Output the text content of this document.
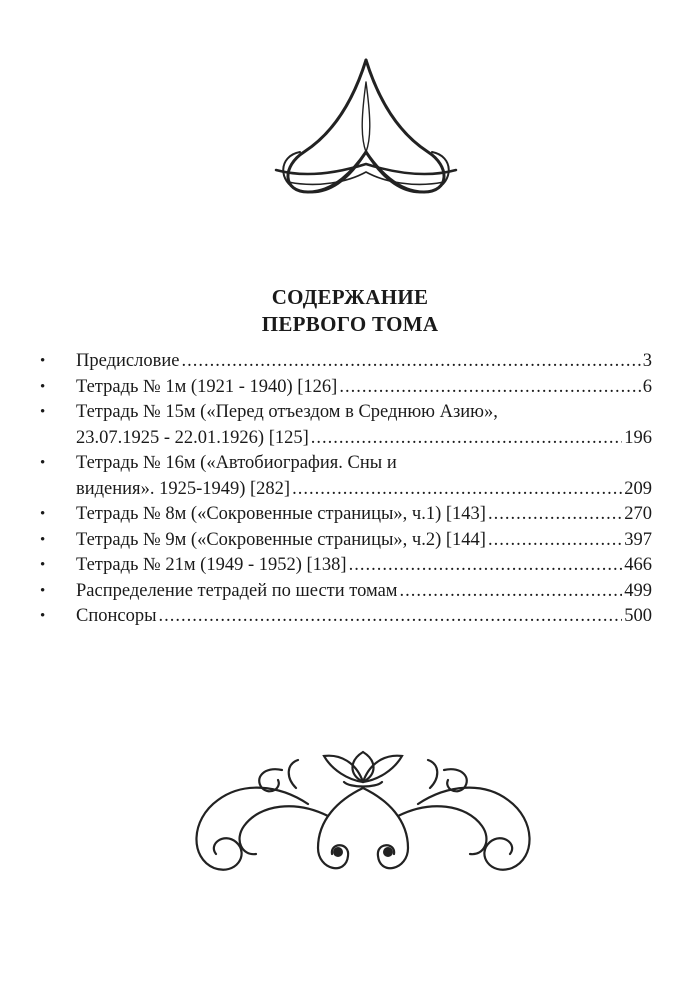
СОДЕРЖАНИЕ
ПЕРВОГО ТОМА
• Предисловие .....	3
• Тетрадь № 1м (1921 - 1940) [126] .....	6
• Тетрадь № 15м («Перед отъездом в Среднюю Азию»,
23.07.1925 - 22.01.1926) [125] .....	196
• Тетрадь № 16м («Автобиография. Сны и
видения». 1925-1949) [282] .....	209
• Тетрадь № 8м («Сокровенные страницы», ч.1) [143] .....	270
• Тетрадь № 9м («Сокровенные страницы», ч.2) [144] .....	397
• Тетрадь № 21м (1949 - 1952) [138] .....	466
• Распределение тетрадей по шести томам .....	499
• Спонсоры .....	500
